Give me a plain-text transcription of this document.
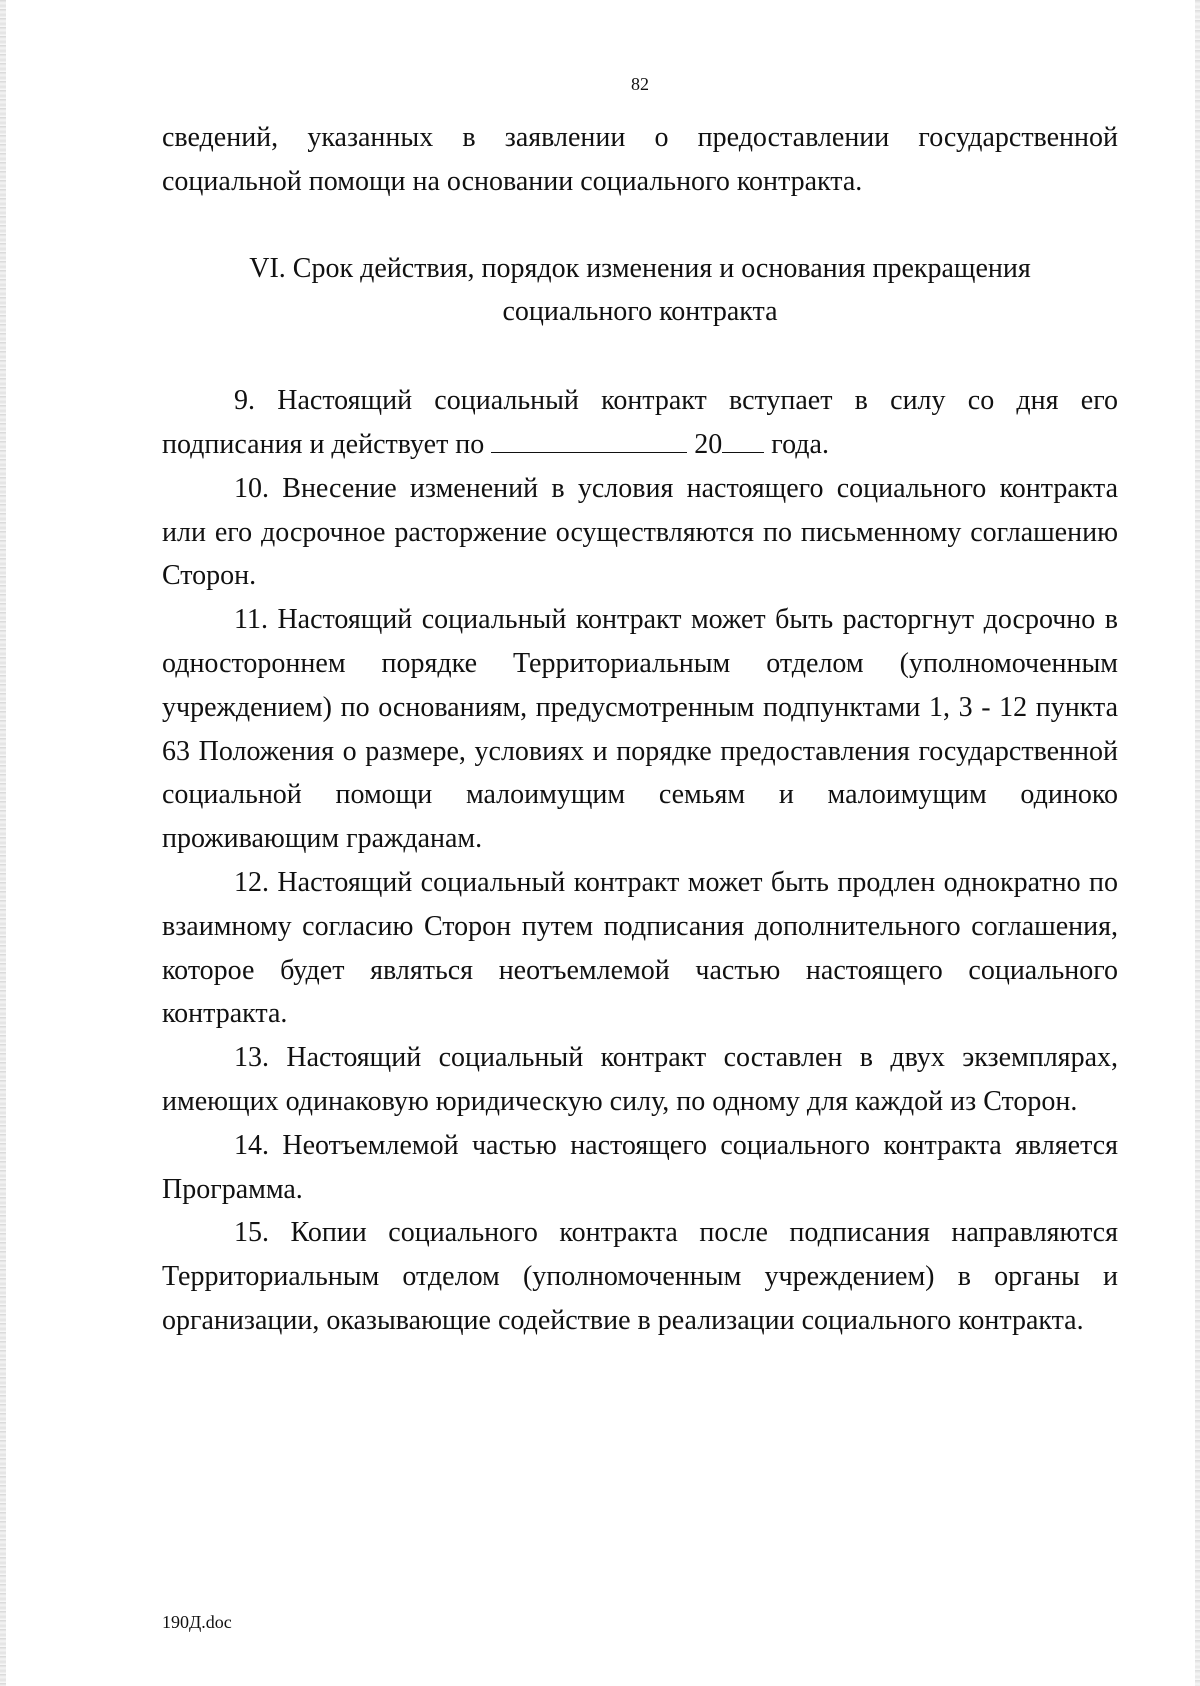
82

сведений, указанных в заявлении о предоставлении государственной социальной помощи на основании социального контракта.

VI. Срок действия, порядок изменения и основания прекращения
социального контракта

9. Настоящий социальный контракт вступает в силу со дня его подписания и действует по	20 года.

10. Внесение изменений в условия настоящего социального контракта или его досрочное расторжение осуществляются по письменному соглашению Сторон.

11. Настоящий социальный контракт может быть расторгнут досрочно в одностороннем порядке Территориальным отделом (уполномоченным учреждением) по основаниям, предусмотренным подпунктами 1, 3 - 12 пункта 63 Положения о размере, условиях и порядке предоставления государственной социальной помощи малоимущим семьям и малоимущим одиноко проживающим гражданам.

12. Настоящий социальный контракт может быть продлен однократно по взаимному согласию Сторон путем подписания дополнительного соглашения, которое будет являться неотъемлемой частью настоящего социального контракта.

13. Настоящий социальный контракт составлен в двух экземплярах, имеющих одинаковую юридическую силу, по одному для каждой из Сторон.

14. Неотъемлемой частью настоящего социального контракта является Программа.

15. Копии социального контракта после подписания направляются Территориальным отделом (уполномоченным учреждением) в органы и организации, оказывающие содействие в реализации социального контракта.

190Д.doc
